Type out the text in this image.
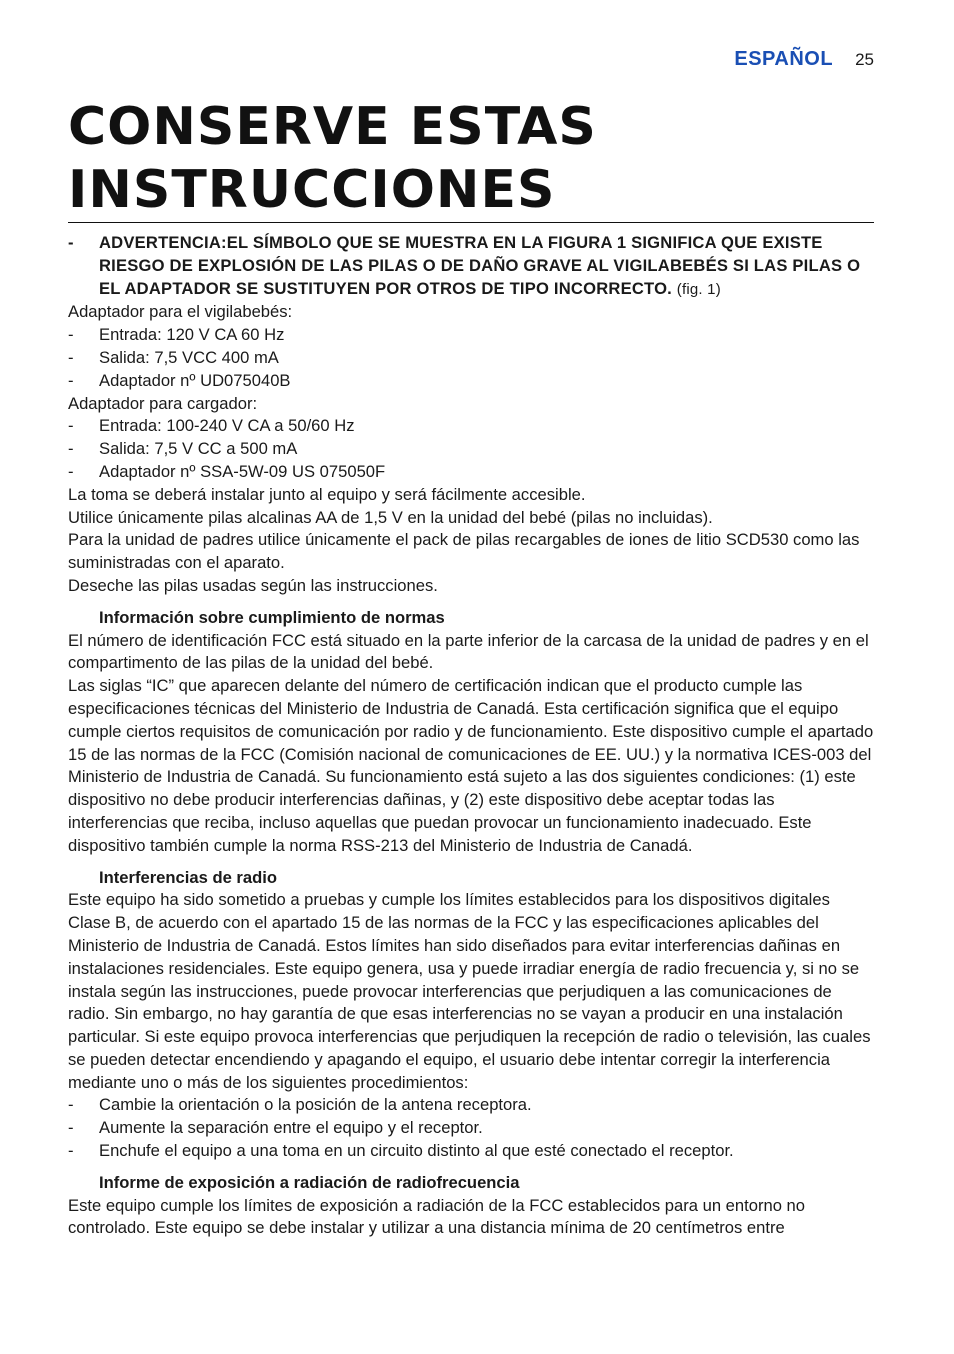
ESPAÑOL 25
CONSERVE ESTAS INSTRUCCIONES

- ADVERTENCIA:EL SÍMBOLO QUE SE MUESTRA EN LA FIGURA 1 SIGNIFICA QUE EXISTE RIESGO DE EXPLOSIÓN DE LAS PILAS O DE DAÑO GRAVE AL VIGILABEBÉS SI LAS PILAS O EL ADAPTADOR SE SUSTITUYEN POR OTROS DE TIPO INCORRECTO. (fig. 1)

Adaptador para el vigilabebés:

- Entrada: 120 V CA 60 Hz

- Salida: 7,5 VCC 400 mA

- Adaptador nº UD075040B

Adaptador para cargador:

- Entrada: 100-240 V CA a 50/60 Hz

- Salida: 7,5 V CC a 500 mA

- Adaptador nº SSA-5W-09 US 075050F

La toma se deberá instalar junto al equipo y será fácilmente accesible.

Utilice únicamente pilas alcalinas AA de 1,5 V en la unidad del bebé (pilas no incluidas).

Para la unidad de padres utilice únicamente el pack de pilas recargables de iones de litio SCD530 como las suministradas con el aparato.

Deseche las pilas usadas según las instrucciones.

Información sobre cumplimiento de normas

El número de identificación FCC está situado en la parte inferior de la carcasa de la unidad de padres y en el compartimento de las pilas de la unidad del bebé.

Las siglas “IC” que aparecen delante del número de certificación indican que el producto cumple las especificaciones técnicas del Ministerio de Industria de Canadá. Esta certificación significa que el equipo cumple ciertos requisitos de comunicación por radio y de funcionamiento. Este dispositivo cumple el apartado 15 de las normas de la FCC (Comisión nacional de comunicaciones de EE. UU.) y la normativa ICES-003 del Ministerio de Industria de Canadá. Su funcionamiento está sujeto a las dos siguientes condiciones: (1) este dispositivo no debe producir interferencias dañinas, y (2) este dispositivo debe aceptar todas las interferencias que reciba, incluso aquellas que puedan provocar un funcionamiento inadecuado. Este dispositivo también cumple la norma RSS-213 del Ministerio de Industria de Canadá.

Interferencias de radio

Este equipo ha sido sometido a pruebas y cumple los límites establecidos para los dispositivos digitales Clase B, de acuerdo con el apartado 15 de las normas de la FCC y las especificaciones aplicables del Ministerio de Industria de Canadá. Estos límites han sido diseñados para evitar interferencias dañinas en instalaciones residenciales. Este equipo genera, usa y puede irradiar energía de radio frecuencia y, si no se instala según las instrucciones, puede provocar interferencias que perjudiquen a las comunicaciones de radio. Sin embargo, no hay garantía de que esas interferencias no se vayan a producir en una instalación particular. Si este equipo provoca interferencias que perjudiquen la recepción de radio o televisión, las cuales se pueden detectar encendiendo y apagando el equipo, el usuario debe intentar corregir la interferencia mediante uno o más de los siguientes procedimientos:

- Cambie la orientación o la posición de la antena receptora.

- Aumente la separación entre el equipo y el receptor.

- Enchufe el equipo a una toma en un circuito distinto al que esté conectado el receptor.

Informe de exposición a radiación de radiofrecuencia

Este equipo cumple los límites de exposición a radiación de la FCC establecidos para un entorno no controlado. Este equipo se debe instalar y utilizar a una distancia mínima de 20 centímetros entre
